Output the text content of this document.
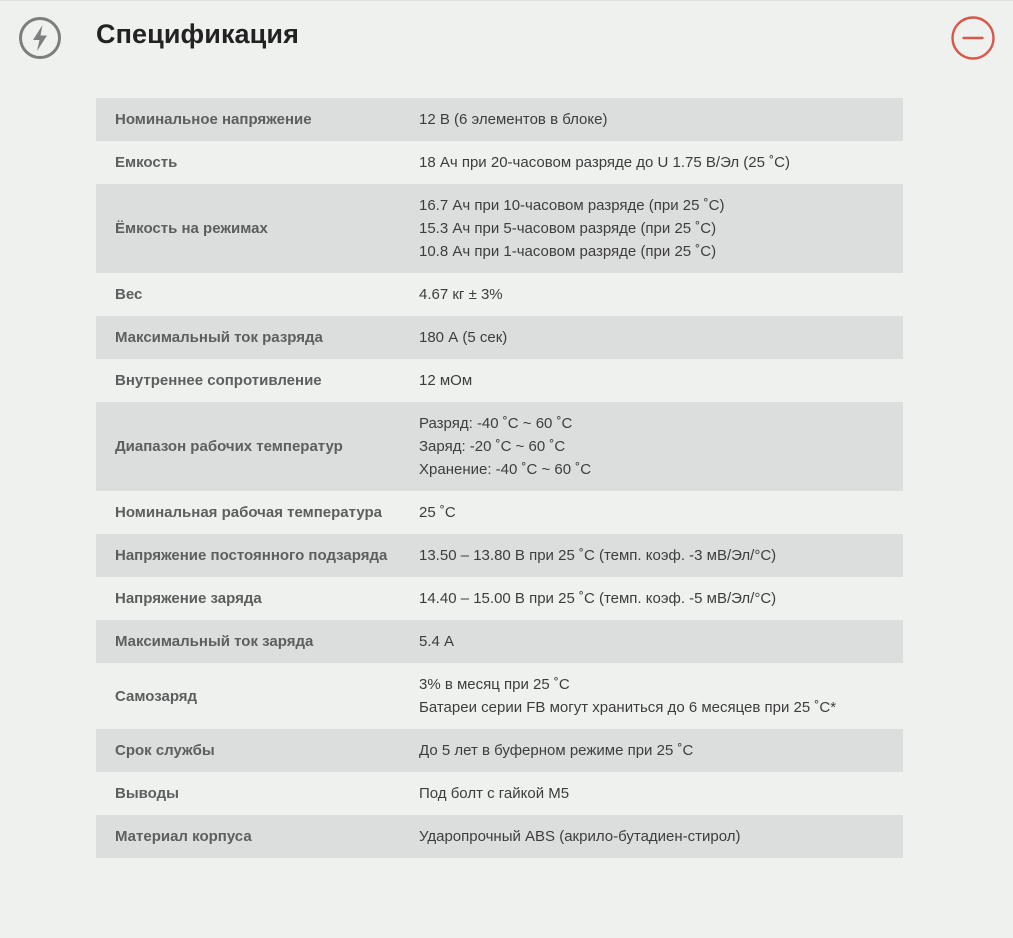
Спецификация
Номинальное напряжение	12 В (6 элементов в блоке)

Емкость	18 Ач при 20-часовом разряде до U 1.75 В/Эл (25 ˚C)

Ёмкость на режимах	16.7 Ач при 10-часовом разряде (при 25 ˚C)
15.3 Ач при 5-часовом разряде (при 25 ˚C)
10.8 Ач при 1-часовом разряде (при 25 ˚C)

Вес	4.67 кг ± 3%

Максимальный ток разряда	180 А (5 сек)

Внутреннее сопротивление	12 мОм

Диапазон рабочих температур	Разряд: -40 ˚C ~ 60 ˚C
Заряд: -20 ˚C ~ 60 ˚C
Хранение: -40 ˚C ~ 60 ˚C

Номинальная рабочая температура	25 ˚C

Напряжение постоянного подзаряда	13.50 – 13.80 В при 25 ˚C (темп. коэф. -3 мВ/Эл/°C)

Напряжение заряда	14.40 – 15.00 В при 25 ˚C (темп. коэф. -5 мВ/Эл/°C)

Максимальный ток заряда	5.4 А

Самозаряд	3% в месяц при 25 ˚C
Батареи серии FB могут храниться до 6 месяцев при 25 ˚C*

Срок службы	До 5 лет в буферном режиме при 25 ˚C

Выводы	Под болт с гайкой М5

Материал корпуса	Ударопрочный ABS (акрило-бутадиен-стирол)
